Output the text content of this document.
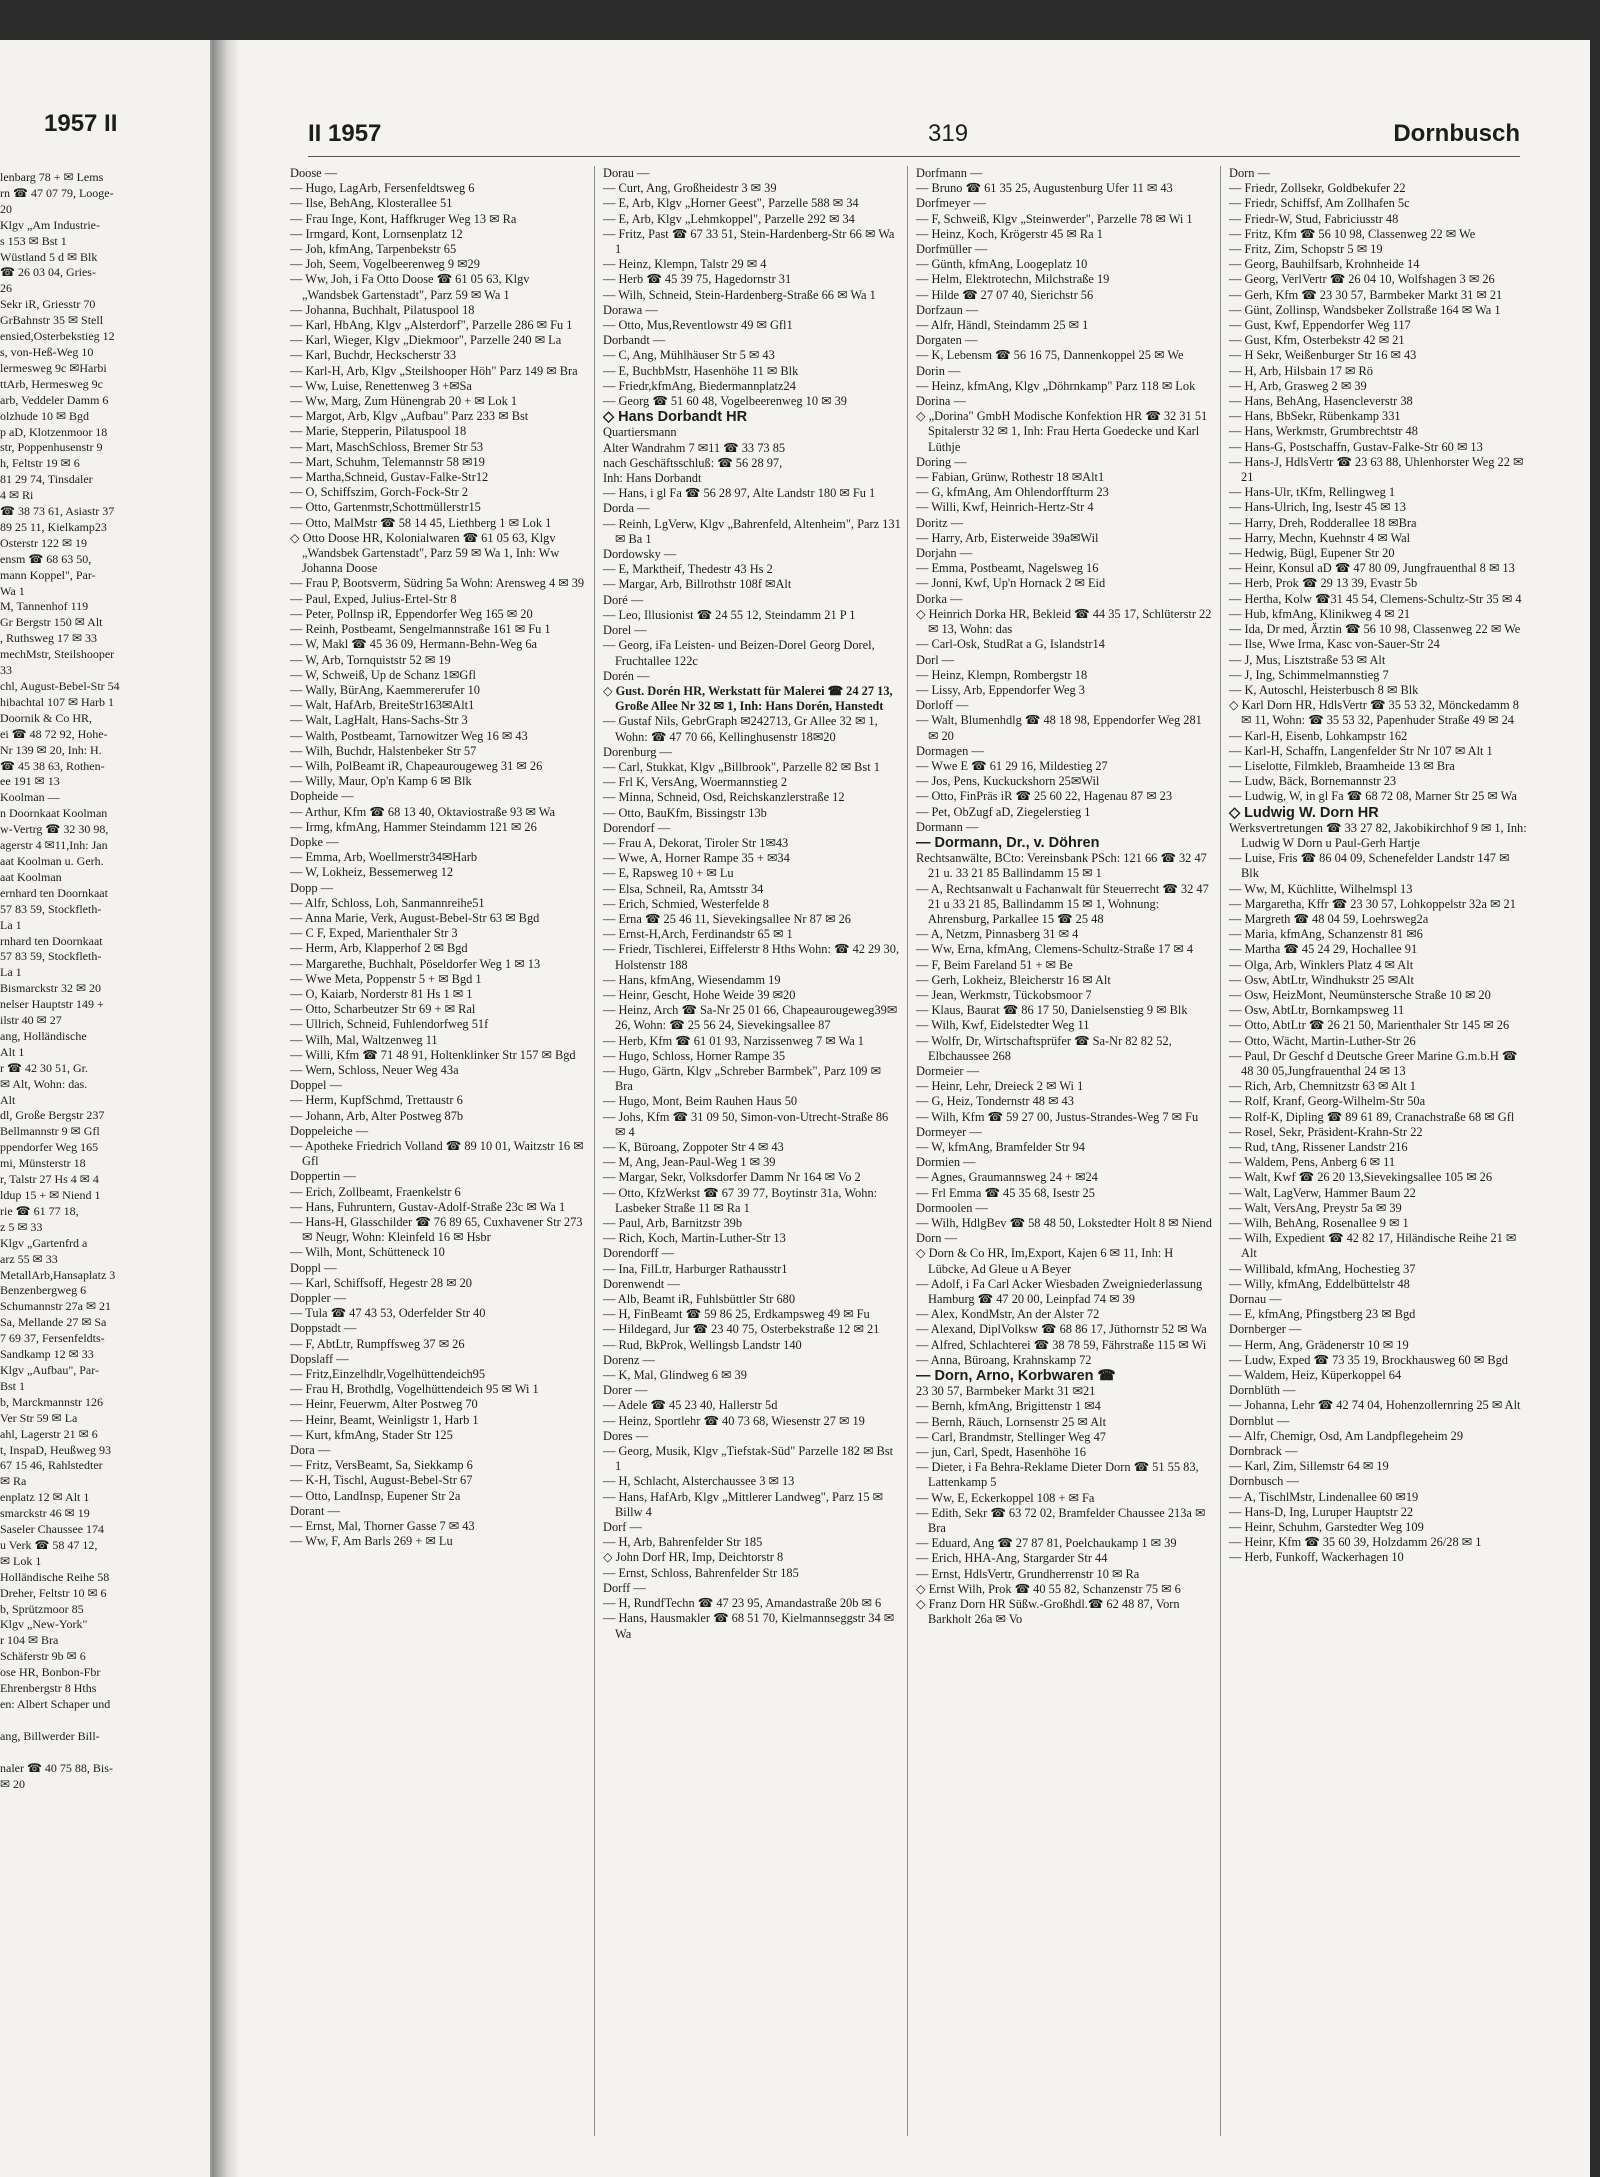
1957 II
lenbarg 78 + ✉ Lems
rn ☎ 47 07 79, Looge-
20
Klgv „Am Industrie-
s 153 ✉ Bst 1
Wüstland 5 d ✉ Blk
☎ 26 03 04, Gries-
26
Sekr iR, Griesstr 70
GrBahnstr 35 ✉ Stell
ensied,Osterbekstieg 12
s, von-Heß-Weg 10
lermesweg 9c ✉Harbi
ttArb, Hermesweg 9c
arb, Veddeler Damm 6
olzhude 10 ✉ Bgd
p aD, Klotzenmoor 18
str, Poppenhusenstr 9
h, Feltstr 19 ✉ 6
81 29 74, Tinsdaler
4 ✉ Ri
☎ 38 73 61, Asiastr 37
89 25 11, Kielkamp23
Osterstr 122 ✉ 19
ensm ☎ 68 63 50,
mann Koppel", Par-
Wa 1
M, Tannenhof 119
Gr Bergstr 150 ✉ Alt
, Ruthsweg 17 ✉ 33
mechMstr, Steilshooper
33
chl, August-Bebel-Str 54
hibachtal 107 ✉ Harb 1
Doornik & Co HR,
ei ☎ 48 72 92, Hohe-
Nr 139 ✉ 20, Inh: H.
☎ 45 38 63, Rothen-
ee 191 ✉ 13
Koolman —
n Doornkaat Koolman
w-Vertrg ☎ 32 30 98,
agerstr 4 ✉11,Inh: Jan
aat Koolman u. Gerh.
aat Koolman
ernhard ten Doornkaat
57 83 59, Stockfleth-
La 1
rnhard ten Doornkaat
57 83 59, Stockfleth-
La 1
Bismarckstr 32 ✉ 20
nelser Hauptstr 149 +
ilstr 40 ✉ 27
ang, Holländische
Alt 1
r ☎ 42 30 51, Gr.
✉ Alt, Wohn: das.
Alt
dl, Große Bergstr 237
Bellmannstr 9 ✉ Gfl
ppendorfer Weg 165
mi, Münsterstr 18
r, Talstr 27 Hs 4 ✉ 4
ldup 15 + ✉ Niend 1
rie ☎ 61 77 18,
z 5 ✉ 33
Klgv „Gartenfrd a
arz 55 ✉ 33
MetallArb,Hansaplatz 3
Benzenbergweg 6
Schumannstr 27a ✉ 21
Sa, Mellande 27 ✉ Sa
7 69 37, Fersenfeldts-
Sandkamp 12 ✉ 33
Klgv „Aufbau", Par-
Bst 1
b, Marckmannstr 126
Ver Str 59 ✉ La
ahl, Lagerstr 21 ✉ 6
t, InspaD, Heußweg 93
67 15 46, Rahlstedter
✉ Ra
enplatz 12 ✉ Alt 1
smarckstr 46 ✉ 19
Saseler Chaussee 174
u Verk ☎ 58 47 12,
✉ Lok 1
Holländische Reihe 58
Dreher, Feltstr 10 ✉ 6
b, Sprützmoor 85
Klgv „New-York"
r 104 ✉ Bra
Schäferstr 9b ✉ 6
ose HR, Bonbon-Fbr
Ehrenbergstr 8 Hths
en: Albert Schaper und

ang, Billwerder Bill-

naler ☎ 40 75 88, Bis-
✉ 20
II 1957	319	Dornbusch

Doose —

— Hugo, LagArb, Fersenfeldtsweg 6

— Ilse, BehAng, Klosterallee 51

— Frau Inge, Kont, Haffkruger Weg 13 ✉ Ra

— Irmgard, Kont, Lornsenplatz 12

— Joh, kfmAng, Tarpenbekstr 65

— Joh, Seem, Vogelbeerenweg 9 ✉29

— Ww, Joh, i Fa Otto Doose ☎ 61 05 63, Klgv „Wandsbek Gartenstadt", Parz 59 ✉ Wa 1

— Johanna, Buchhalt, Pilatuspool 18

— Karl, HbAng, Klgv „Alsterdorf", Parzelle 286 ✉ Fu 1

— Karl, Wieger, Klgv „Diekmoor", Parzelle 240 ✉ La

— Karl, Buchdr, Heckscherstr 33

— Karl-H, Arb, Klgv „Steilshooper Höh" Parz 149 ✉ Bra

— Ww, Luise, Renettenweg 3 +✉Sa

— Ww, Marg, Zum Hünengrab 20 + ✉ Lok 1

— Margot, Arb, Klgv „Aufbau" Parz 233 ✉ Bst

— Marie, Stepperin, Pilatuspool 18

— Mart, MaschSchloss, Bremer Str 53

— Mart, Schuhm, Telemannstr 58 ✉19

— Martha,Schneid, Gustav-Falke-Str12

— O, Schiffszim, Gorch-Fock-Str 2

— Otto, Gartenmstr,Schottmüllerstr15

— Otto, MalMstr ☎ 58 14 45, Liethberg 1 ✉ Lok 1

◇ Otto Doose HR, Kolonialwaren ☎ 61 05 63, Klgv „Wandsbek Gartenstadt", Parz 59 ✉ Wa 1, Inh: Ww Johanna Doose

— Frau P, Bootsverm, Südring 5a Wohn: Arensweg 4 ✉ 39

— Paul, Exped, Julius-Ertel-Str 8

— Peter, Pollnsp iR, Eppendorfer Weg 165 ✉ 20

— Reinh, Postbeamt, Sengelmannstraße 161 ✉ Fu 1

— W, Makl ☎ 45 36 09, Hermann-Behn-Weg 6a

— W, Arb, Tornquiststr 52 ✉ 19

— W, Schweiß, Up de Schanz 1✉Gfl

— Wally, BürAng, Kaemmererufer 10

— Walt, HafArb, BreiteStr163✉Alt1

— Walt, LagHalt, Hans-Sachs-Str 3

— Walth, Postbeamt, Tarnowitzer Weg 16 ✉ 43

— Wilh, Buchdr, Halstenbeker Str 57

— Wilh, PolBeamt iR, Chapeaurougeweg 31 ✉ 26

— Willy, Maur, Op'n Kamp 6 ✉ Blk

Dopheide —

— Arthur, Kfm ☎ 68 13 40, Oktaviostraße 93 ✉ Wa

— Irmg, kfmAng, Hammer Steindamm 121 ✉ 26

Dopke —

— Emma, Arb, Woellmerstr34✉Harb

— W, Lokheiz, Bessemerweg 12

Dopp —

— Alfr, Schloss, Loh, Sanmannreihe51

— Anna Marie, Verk, August-Bebel-Str 63 ✉ Bgd

— C F, Exped, Marienthaler Str 3

— Herm, Arb, Klapperhof 2 ✉ Bgd

— Margarethe, Buchhalt, Pöseldorfer Weg 1 ✉ 13

— Wwe Meta, Poppenstr 5 + ✉ Bgd 1

— O, Kaiarb, Norderstr 81 Hs 1 ✉ 1

— Otto, Scharbeutzer Str 69 + ✉ Ral

— Ullrich, Schneid, Fuhlendorfweg 51f

— Wilh, Mal, Waltzenweg 11

— Willi, Kfm ☎ 71 48 91, Holtenklinker Str 157 ✉ Bgd

— Wern, Schloss, Neuer Weg 43a

Doppel —

— Herm, KupfSchmd, Trettaustr 6

— Johann, Arb, Alter Postweg 87b

Doppeleiche —

— Apotheke Friedrich Volland ☎ 89 10 01, Waitzstr 16 ✉ Gfl

Doppertin —

— Erich, Zollbeamt, Fraenkelstr 6

— Hans, Fuhruntern, Gustav-Adolf-Straße 23c ✉ Wa 1

— Hans-H, Glasschilder ☎ 76 89 65, Cuxhavener Str 273 ✉ Neugr, Wohn: Kleinfeld 16 ✉ Hsbr

— Wilh, Mont, Schütteneck 10

Doppl —

— Karl, Schiffsoff, Hegestr 28 ✉ 20

Doppler —

— Tula ☎ 47 43 53, Oderfelder Str 40

Doppstadt —

— F, AbtLtr, Rumpffsweg 37 ✉ 26

Dopslaff —

— Fritz,Einzelhdlr,Vogelhüttendeich95

— Frau H, Brothdlg, Vogelhüttendeich 95 ✉ Wi 1

— Heinr, Feuerwm, Alter Postweg 70

— Heinr, Beamt, Weinligstr 1, Harb 1

— Kurt, kfmAng, Stader Str 125

Dora —

— Fritz, VersBeamt, Sa, Siekkamp 6

— K-H, Tischl, August-Bebel-Str 67

— Otto, LandInsp, Eupener Str 2a

Dorant —

— Ernst, Mal, Thorner Gasse 7 ✉ 43

— Ww, F, Am Barls 269 + ✉ Lu

Dorau —

— Curt, Ang, Großheidestr 3 ✉ 39

— E, Arb, Klgv „Horner Geest", Parzelle 588 ✉ 34

— E, Arb, Klgv „Lehmkoppel", Parzelle 292 ✉ 34

— Fritz, Past ☎ 67 33 51, Stein-Hardenberg-Str 66 ✉ Wa 1

— Heinz, Klempn, Talstr 29 ✉ 4

— Herb ☎ 45 39 75, Hagedornstr 31

— Wilh, Schneid, Stein-Hardenberg-Straße 66 ✉ Wa 1

Dorawa —

— Otto, Mus,Reventlowstr 49 ✉ Gfl1

Dorbandt —

— C, Ang, Mühlhäuser Str 5 ✉ 43

— E, BuchbMstr, Hasenhöhe 11 ✉ Blk

— Friedr,kfmAng, Biedermannplatz24

— Georg ☎ 51 60 48, Vogelbeerenweg 10 ✉ 39

◇ Hans Dorbandt HR

Quartiersmann

Alter Wandrahm 7 ✉11 ☎ 33 73 85

nach Geschäftsschluß: ☎ 56 28 97,

Inh: Hans Dorbandt

— Hans, i gl Fa ☎ 56 28 97, Alte Landstr 180 ✉ Fu 1

Dorda —

— Reinh, LgVerw, Klgv „Bahrenfeld, Altenheim", Parz 131 ✉ Ba 1

Dordowsky —

— E, Marktheif, Thedestr 43 Hs 2

— Margar, Arb, Billrothstr 108f ✉Alt

Doré —

— Leo, Illusionist ☎ 24 55 12, Steindamm 21 P 1

Dorel —

— Georg, iFa Leisten- und Beizen-Dorel Georg Dorel, Fruchtallee 122c

Dorén —

◇ Gust. Dorén HR, Werkstatt für Malerei ☎ 24 27 13, Große Allee Nr 32 ✉ 1, Inh: Hans Dorén, Hanstedt

— Gustaf Nils, GebrGraph ✉242713, Gr Allee 32 ✉ 1, Wohn: ☎ 47 70 66, Kellinghusenstr 18✉20

Dorenburg —

— Carl, Stukkat, Klgv „Billbrook", Parzelle 82 ✉ Bst 1

— Frl K, VersAng, Woermannstieg 2

— Minna, Schneid, Osd, Reichskanzlerstraße 12

— Otto, BauKfm, Bissingstr 13b

Dorendorf —

— Frau A, Dekorat, Tiroler Str 1✉43

— Wwe, A, Horner Rampe 35 + ✉34

— E, Rapsweg 10 + ✉ Lu

— Elsa, Schneil, Ra, Amtsstr 34

— Erich, Schmied, Westerfelde 8

— Erna ☎ 25 46 11, Sievekingsallee Nr 87 ✉ 26

— Ernst-H,Arch, Ferdinandstr 65 ✉ 1

— Friedr, Tischlerei, Eiffelerstr 8 Hths Wohn: ☎ 42 29 30, Holstenstr 188

— Hans, kfmAng, Wiesendamm 19

— Heinr, Gescht, Hohe Weide 39 ✉20

— Heinz, Arch ☎ Sa-Nr 25 01 66, Chapeaurougeweg39✉26, Wohn: ☎ 25 56 24, Sievekingsallee 87

— Herb, Kfm ☎ 61 01 93, Narzissenweg 7 ✉ Wa 1

— Hugo, Schloss, Horner Rampe 35

— Hugo, Gärtn, Klgv „Schreber Barmbek", Parz 109 ✉ Bra

— Hugo, Mont, Beim Rauhen Haus 50

— Johs, Kfm ☎ 31 09 50, Simon-von-Utrecht-Straße 86 ✉ 4

— K, Büroang, Zoppoter Str 4 ✉ 43

— M, Ang, Jean-Paul-Weg 1 ✉ 39

— Margar, Sekr, Volksdorfer Damm Nr 164 ✉ Vo 2

— Otto, KfzWerkst ☎ 67 39 77, Boytinstr 31a, Wohn: Lasbeker Straße 11 ✉ Ra 1

— Paul, Arb, Barnitzstr 39b

— Rich, Koch, Martin-Luther-Str 13

Dorendorff —

— Ina, FilLtr, Harburger Rathausstr1

Dorenwendt —

— Alb, Beamt iR, Fuhlsbüttler Str 680

— H, FinBeamt ☎ 59 86 25, Erdkampsweg 49 ✉ Fu

— Hildegard, Jur ☎ 23 40 75, Osterbekstraße 12 ✉ 21

— Rud, BkProk, Wellingsb Landstr 140

Dorenz —

— K, Mal, Glindweg 6 ✉ 39

Dorer —

— Adele ☎ 45 23 40, Hallerstr 5d

— Heinz, Sportlehr ☎ 40 73 68, Wiesenstr 27 ✉ 19

Dores —

— Georg, Musik, Klgv „Tiefstak-Süd" Parzelle 182 ✉ Bst 1

— H, Schlacht, Alsterchaussee 3 ✉ 13

— Hans, HafArb, Klgv „Mittlerer Landweg", Parz 15 ✉ Billw 4

Dorf —

— H, Arb, Bahrenfelder Str 185

◇ John Dorf HR, Imp, Deichtorstr 8

— Ernst, Schloss, Bahrenfelder Str 185

Dorff —

— H, RundfTechn ☎ 47 23 95, Amandastraße 20b ✉ 6

— Hans, Hausmakler ☎ 68 51 70, Kielmannseggstr 34 ✉ Wa

Dorfmann —

— Bruno ☎ 61 35 25, Augustenburg Ufer 11 ✉ 43

Dorfmeyer —

— F, Schweiß, Klgv „Steinwerder", Parzelle 78 ✉ Wi 1

— Heinz, Koch, Krögerstr 45 ✉ Ra 1

Dorfmüller —

— Günth, kfmAng, Loogeplatz 10

— Helm, Elektrotechn, Milchstraße 19

— Hilde ☎ 27 07 40, Sierichstr 56

Dorfzaun —

— Alfr, Händl, Steindamm 25 ✉ 1

Dorgaten —

— K, Lebensm ☎ 56 16 75, Dannenkoppel 25 ✉ We

Dorin —

— Heinz, kfmAng, Klgv „Döhrnkamp" Parz 118 ✉ Lok

Dorina —

◇ „Dorina" GmbH Modische Konfektion HR ☎ 32 31 51 Spitalerstr 32 ✉ 1, Inh: Frau Herta Goedecke und Karl Lüthje

Doring —

— Fabian, Grünw, Rothestr 18 ✉Alt1

— G, kfmAng, Am Ohlendorffturm 23

— Willi, Kwf, Heinrich-Hertz-Str 4

Doritz —

— Harry, Arb, Eisterweide 39a✉Wil

Dorjahn —

— Emma, Postbeamt, Nagelsweg 16

— Jonni, Kwf, Up'n Hornack 2 ✉ Eid

Dorka —

◇ Heinrich Dorka HR, Bekleid ☎ 44 35 17, Schlüterstr 22 ✉ 13, Wohn: das

— Carl-Osk, StudRat a G, Islandstr14

Dorl —

— Heinz, Klempn, Rombergstr 18

— Lissy, Arb, Eppendorfer Weg 3

Dorloff —

— Walt, Blumenhdlg ☎ 48 18 98, Eppendorfer Weg 281 ✉ 20

Dormagen —

— Wwe E ☎ 61 29 16, Mildestieg 27

— Jos, Pens, Kuckuckshorn 25✉Wil

— Otto, FinPräs iR ☎ 25 60 22, Hagenau 87 ✉ 23

— Pet, ObZugf aD, Ziegelerstieg 1

Dormann —

— Dormann, Dr., v. Döhren

Rechtsanwälte, BCto: Vereinsbank PSch: 121 66 ☎ 32 47 21 u. 33 21 85 Ballindamm 15 ✉ 1

— A, Rechtsanwalt u Fachanwalt für Steuerrecht ☎ 32 47 21 u 33 21 85, Ballindamm 15 ✉ 1, Wohnung: Ahrensburg, Parkallee 15 ☎ 25 48

— A, Netzm, Pinnasberg 31 ✉ 4

— Ww, Erna, kfmAng, Clemens-Schultz-Straße 17 ✉ 4

— F, Beim Fareland 51 + ✉ Be

— Gerh, Lokheiz, Bleicherstr 16 ✉ Alt

— Jean, Werkmstr, Tückobsmoor 7

— Klaus, Baurat ☎ 86 17 50, Danielsenstieg 9 ✉ Blk

— Wilh, Kwf, Eidelstedter Weg 11

— Wolfr, Dr, Wirtschaftsprüfer ☎ Sa-Nr 82 82 52, Elbchaussee 268

Dormeier —

— Heinr, Lehr, Dreieck 2 ✉ Wi 1

— G, Heiz, Tondernstr 48 ✉ 43

— Wilh, Kfm ☎ 59 27 00, Justus-Strandes-Weg 7 ✉ Fu

Dormeyer —

— W, kfmAng, Bramfelder Str 94

Dormien —

— Agnes, Graumannsweg 24 + ✉24

— Frl Emma ☎ 45 35 68, Isestr 25

Dormoolen —

— Wilh, HdlgBev ☎ 58 48 50, Lokstedter Holt 8 ✉ Niend

Dorn —

◇ Dorn & Co HR, Im,Export, Kajen 6 ✉ 11, Inh: H Lübcke, Ad Gleue u A Beyer

— Adolf, i Fa Carl Acker Wiesbaden Zweigniederlassung Hamburg ☎ 47 20 00, Leinpfad 74 ✉ 39

— Alex, KondMstr, An der Alster 72

— Alexand, DiplVolksw ☎ 68 86 17, Jüthornstr 52 ✉ Wa

— Alfred, Schlachterei ☎ 38 78 59, Fährstraße 115 ✉ Wi

— Anna, Büroang, Krahnskamp 72

— Dorn, Arno, Korbwaren ☎

23 30 57, Barmbeker Markt 31 ✉21

— Bernh, kfmAng, Brigittenstr 1 ✉4

— Bernh, Räuch, Lornsenstr 25 ✉ Alt

— Carl, Brandmstr, Stellinger Weg 47

— jun, Carl, Spedt, Hasenhöhe 16

— Dieter, i Fa Behra-Reklame Dieter Dorn ☎ 51 55 83, Lattenkamp 5

— Ww, E, Eckerkoppel 108 + ✉ Fa

— Edith, Sekr ☎ 63 72 02, Bramfelder Chaussee 213a ✉ Bra

— Eduard, Ang ☎ 27 87 81, Poelchaukamp 1 ✉ 39

— Erich, HHA-Ang, Stargarder Str 44

— Ernst, HdlsVertr, Grundherrenstr 10 ✉ Ra

◇ Ernst Wilh, Prok ☎ 40 55 82, Schanzenstr 75 ✉ 6

◇ Franz Dorn HR Süßw.-Großhdl.☎ 62 48 87, Vorn Barkholt 26a ✉ Vo

Dorn —

— Friedr, Zollsekr, Goldbekufer 22

— Friedr, Schiffsf, Am Zollhafen 5c

— Friedr-W, Stud, Fabriciusstr 48

— Fritz, Kfm ☎ 56 10 98, Classenweg 22 ✉ We

— Fritz, Zim, Schopstr 5 ✉ 19

— Georg, Bauhilfsarb, Krohnheide 14

— Georg, VerlVertr ☎ 26 04 10, Wolfshagen 3 ✉ 26

— Gerh, Kfm ☎ 23 30 57, Barmbeker Markt 31 ✉ 21

— Günt, Zollinsp, Wandsbeker Zollstraße 164 ✉ Wa 1

— Gust, Kwf, Eppendorfer Weg 117

— Gust, Kfm, Osterbekstr 42 ✉ 21

— H Sekr, Weißenburger Str 16 ✉ 43

— H, Arb, Hilsbain 17 ✉ Rö

— H, Arb, Grasweg 2 ✉ 39

— Hans, BehAng, Hasencleverstr 38

— Hans, BbSekr, Rübenkamp 331

— Hans, Werkmstr, Grumbrechtstr 48

— Hans-G, Postschaffn, Gustav-Falke-Str 60 ✉ 13

— Hans-J, HdlsVertr ☎ 23 63 88, Uhlenhorster Weg 22 ✉ 21

— Hans-Ulr, tKfm, Rellingweg 1

— Hans-Ulrich, Ing, Isestr 45 ✉ 13

— Harry, Dreh, Rodderallee 18 ✉Bra

— Harry, Mechn, Kuehnstr 4 ✉ Wal

— Hedwig, Bügl, Eupener Str 20

— Heinr, Konsul aD ☎ 47 80 09, Jungfrauenthal 8 ✉ 13

— Herb, Prok ☎ 29 13 39, Evastr 5b

— Hertha, Kolw ☎31 45 54, Clemens-Schultz-Str 35 ✉ 4

— Hub, kfmAng, Klinikweg 4 ✉ 21

— Ida, Dr med, Ärztin ☎ 56 10 98, Classenweg 22 ✉ We

— Ilse, Wwe Irma, Kasc von-Sauer-Str 24

— J, Mus, Lisztstraße 53 ✉ Alt

— J, Ing, Schimmelmannstieg 7

— K, Autoschl, Heisterbusch 8 ✉ Blk

◇ Karl Dorn HR, HdlsVertr ☎ 35 53 32, Mönckedamm 8 ✉ 11, Wohn: ☎ 35 53 32, Papenhuder Straße 49 ✉ 24

— Karl-H, Eisenb, Lohkampstr 162

— Karl-H, Schaffn, Langenfelder Str Nr 107 ✉ Alt 1

— Liselotte, Filmkleb, Braamheide 13 ✉ Bra

— Ludw, Bäck, Bornemannstr 23

— Ludwig, W, in gl Fa ☎ 68 72 08, Marner Str 25 ✉ Wa

◇ Ludwig W. Dorn HR

Werksvertretungen ☎ 33 27 82, Jakobikirchhof 9 ✉ 1, Inh: Ludwig W Dorn u Paul-Gerh Hartje

— Luise, Fris ☎ 86 04 09, Schenefelder Landstr 147 ✉ Blk

— Ww, M, Küchlitte, Wilhelmspl 13

— Margaretha, Kffr ☎ 23 30 57, Lohkoppelstr 32a ✉ 21

— Margreth ☎ 48 04 59, Loehrsweg2a

— Maria, kfmAng, Schanzenstr 81 ✉6

— Martha ☎ 45 24 29, Hochallee 91

— Olga, Arb, Winklers Platz 4 ✉ Alt

— Osw, AbtLtr, Windhukstr 25 ✉Alt

— Osw, HeizMont, Neumünstersche Straße 10 ✉ 20

— Osw, AbtLtr, Bornkampsweg 11

— Otto, AbtLtr ☎ 26 21 50, Marienthaler Str 145 ✉ 26

— Otto, Wächt, Martin-Luther-Str 26

— Paul, Dr Geschf d Deutsche Greer Marine G.m.b.H ☎ 48 30 05,Jungfrauenthal 24 ✉ 13

— Rich, Arb, Chemnitzstr 63 ✉ Alt 1

— Rolf, Kranf, Georg-Wilhelm-Str 50a

— Rolf-K, Dipling ☎ 89 61 89, Cranachstraße 68 ✉ Gfl

— Rosel, Sekr, Präsident-Krahn-Str 22

— Rud, tAng, Rissener Landstr 216

— Waldem, Pens, Anberg 6 ✉ 11

— Walt, Kwf ☎ 26 20 13,Sievekingsallee 105 ✉ 26

— Walt, LagVerw, Hammer Baum 22

— Walt, VersAng, Preystr 5a ✉ 39

— Wilh, BehAng, Rosenallee 9 ✉ 1

— Wilh, Expedient ☎ 42 82 17, Hiländische Reihe 21 ✉ Alt

— Willibald, kfmAng, Hochestieg 37

— Willy, kfmAng, Eddelbüttelstr 48

Dornau —

— E, kfmAng, Pfingstberg 23 ✉ Bgd

Dornberger —

— Herm, Ang, Grädenerstr 10 ✉ 19

— Ludw, Exped ☎ 73 35 19, Brockhausweg 60 ✉ Bgd

— Waldem, Heiz, Küperkoppel 64

Dornblüth —

— Johanna, Lehr ☎ 42 74 04, Hohenzollernring 25 ✉ Alt

Dornblut —

— Alfr, Chemigr, Osd, Am Landpflegeheim 29

Dornbrack —

— Karl, Zim, Sillemstr 64 ✉ 19

Dornbusch —

— A, TischlMstr, Lindenallee 60 ✉19

— Hans-D, Ing, Luruper Hauptstr 22

— Heinr, Schuhm, Garstedter Weg 109

— Heinr, Kfm ☎ 35 60 39, Holzdamm 26/28 ✉ 1

— Herb, Funkoff, Wackerhagen 10
